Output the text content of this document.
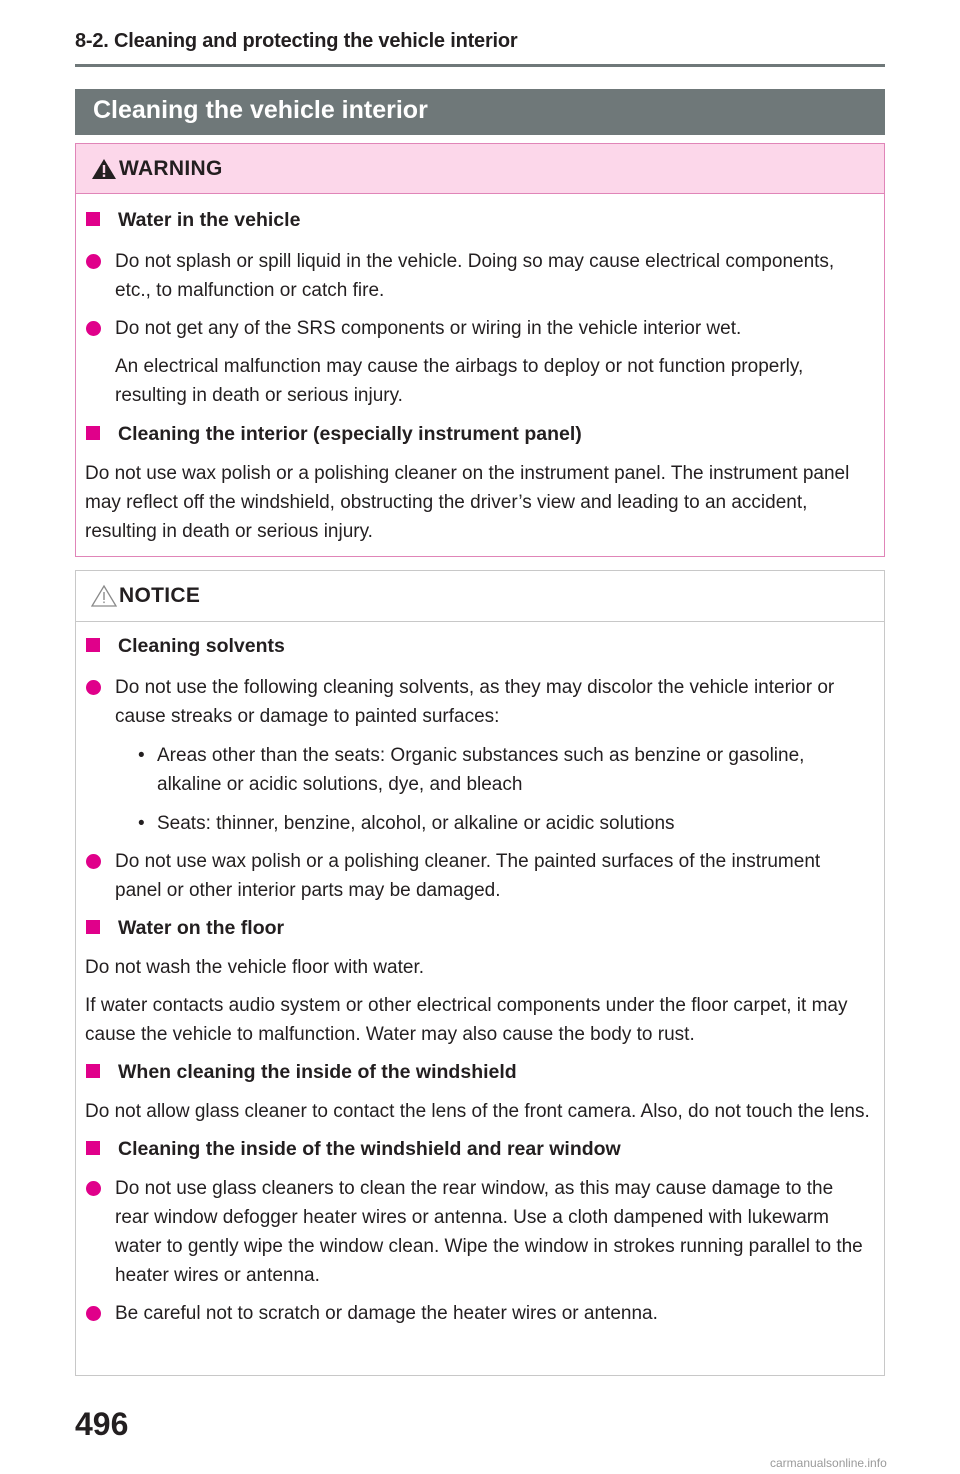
8-2. Cleaning and protecting the vehicle interior
Cleaning the vehicle interior
WARNING
Water in the vehicle
Do not splash or spill liquid in the vehicle. Doing so may cause electrical components, etc., to malfunction or catch fire.
Do not get any of the SRS components or wiring in the vehicle interior wet.
An electrical malfunction may cause the airbags to deploy or not function properly, resulting in death or serious injury.
Cleaning the interior (especially instrument panel)
Do not use wax polish or a polishing cleaner on the instrument panel. The instrument panel may reflect off the windshield, obstructing the driver’s view and leading to an accident, resulting in death or serious injury.
NOTICE
Cleaning solvents
Do not use the following cleaning solvents, as they may discolor the vehicle interior or cause streaks or damage to painted surfaces:
• Areas other than the seats: Organic substances such as benzine or gasoline, alkaline or acidic solutions, dye, and bleach
• Seats: thinner, benzine, alcohol, or alkaline or acidic solutions
Do not use wax polish or a polishing cleaner. The painted surfaces of the instrument panel or other interior parts may be damaged.
Water on the floor
Do not wash the vehicle floor with water.
If water contacts audio system or other electrical components under the floor carpet, it may cause the vehicle to malfunction. Water may also cause the body to rust.
When cleaning the inside of the windshield
Do not allow glass cleaner to contact the lens of the front camera. Also, do not touch the lens.
Cleaning the inside of the windshield and rear window
Do not use glass cleaners to clean the rear window, as this may cause damage to the rear window defogger heater wires or antenna. Use a cloth dampened with lukewarm water to gently wipe the window clean. Wipe the window in strokes running parallel to the heater wires or antenna.
Be careful not to scratch or damage the heater wires or antenna.
496
carmanualsonline.info
